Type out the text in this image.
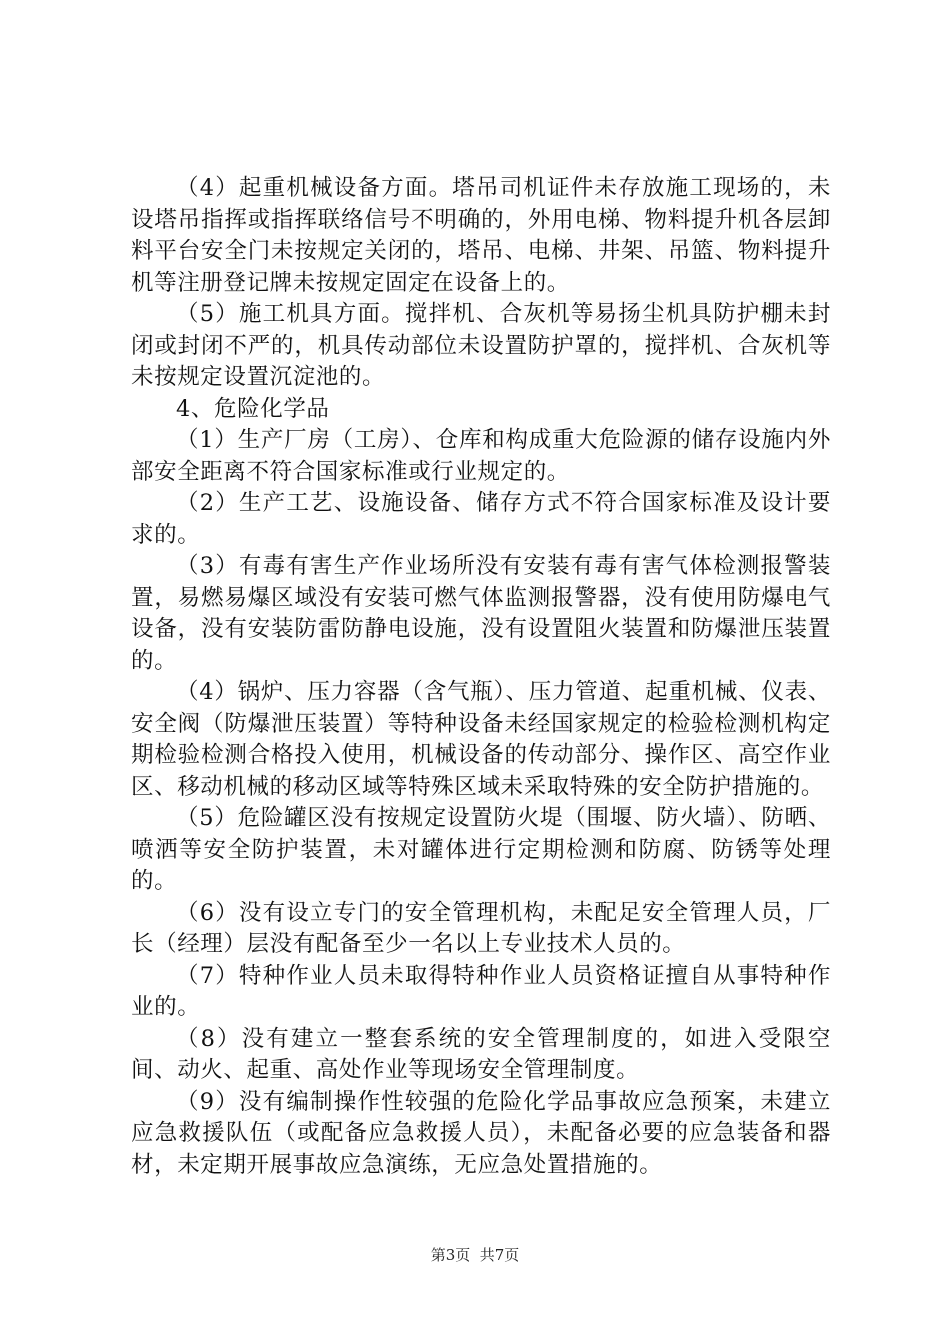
（4）起重机械设备方面。塔吊司机证件未存放施工现场的，未设塔吊指挥或指挥联络信号不明确的，外用电梯、物料提升机各层卸料平台安全门未按规定关闭的，塔吊、电梯、井架、吊篮、物料提升机等注册登记牌未按规定固定在设备上的。

（5）施工机具方面。搅拌机、合灰机等易扬尘机具防护棚未封闭或封闭不严的，机具传动部位未设置防护罩的，搅拌机、合灰机等未按规定设置沉淀池的。

4、危险化学品

（1）生产厂房（工房）、仓库和构成重大危险源的储存设施内外部安全距离不符合国家标准或行业规定的。

（2）生产工艺、设施设备、储存方式不符合国家标准及设计要求的。

（3）有毒有害生产作业场所没有安装有毒有害气体检测报警装置，易燃易爆区域没有安装可燃气体监测报警器，没有使用防爆电气设备，没有安装防雷防静电设施，没有设置阻火装置和防爆泄压装置的。

（4）锅炉、压力容器（含气瓶）、压力管道、起重机械、仪表、安全阀（防爆泄压装置）等特种设备未经国家规定的检验检测机构定期检验检测合格投入使用，机械设备的传动部分、操作区、高空作业区、移动机械的移动区域等特殊区域未采取特殊的安全防护措施的。

（5）危险罐区没有按规定设置防火堤（围堰、防火墙）、防晒、喷洒等安全防护装置，未对罐体进行定期检测和防腐、防锈等处理的。

（6）没有设立专门的安全管理机构，未配足安全管理人员，厂长（经理）层没有配备至少一名以上专业技术人员的。

（7）特种作业人员未取得特种作业人员资格证擅自从事特种作业的。

（8）没有建立一整套系统的安全管理制度的，如进入受限空间、动火、起重、高处作业等现场安全管理制度。

（9）没有编制操作性较强的危险化学品事故应急预案，未建立应急救援队伍（或配备应急救援人员），未配备必要的应急装备和器材，未定期开展事故应急演练，无应急处置措施的。

第3页  共7页
